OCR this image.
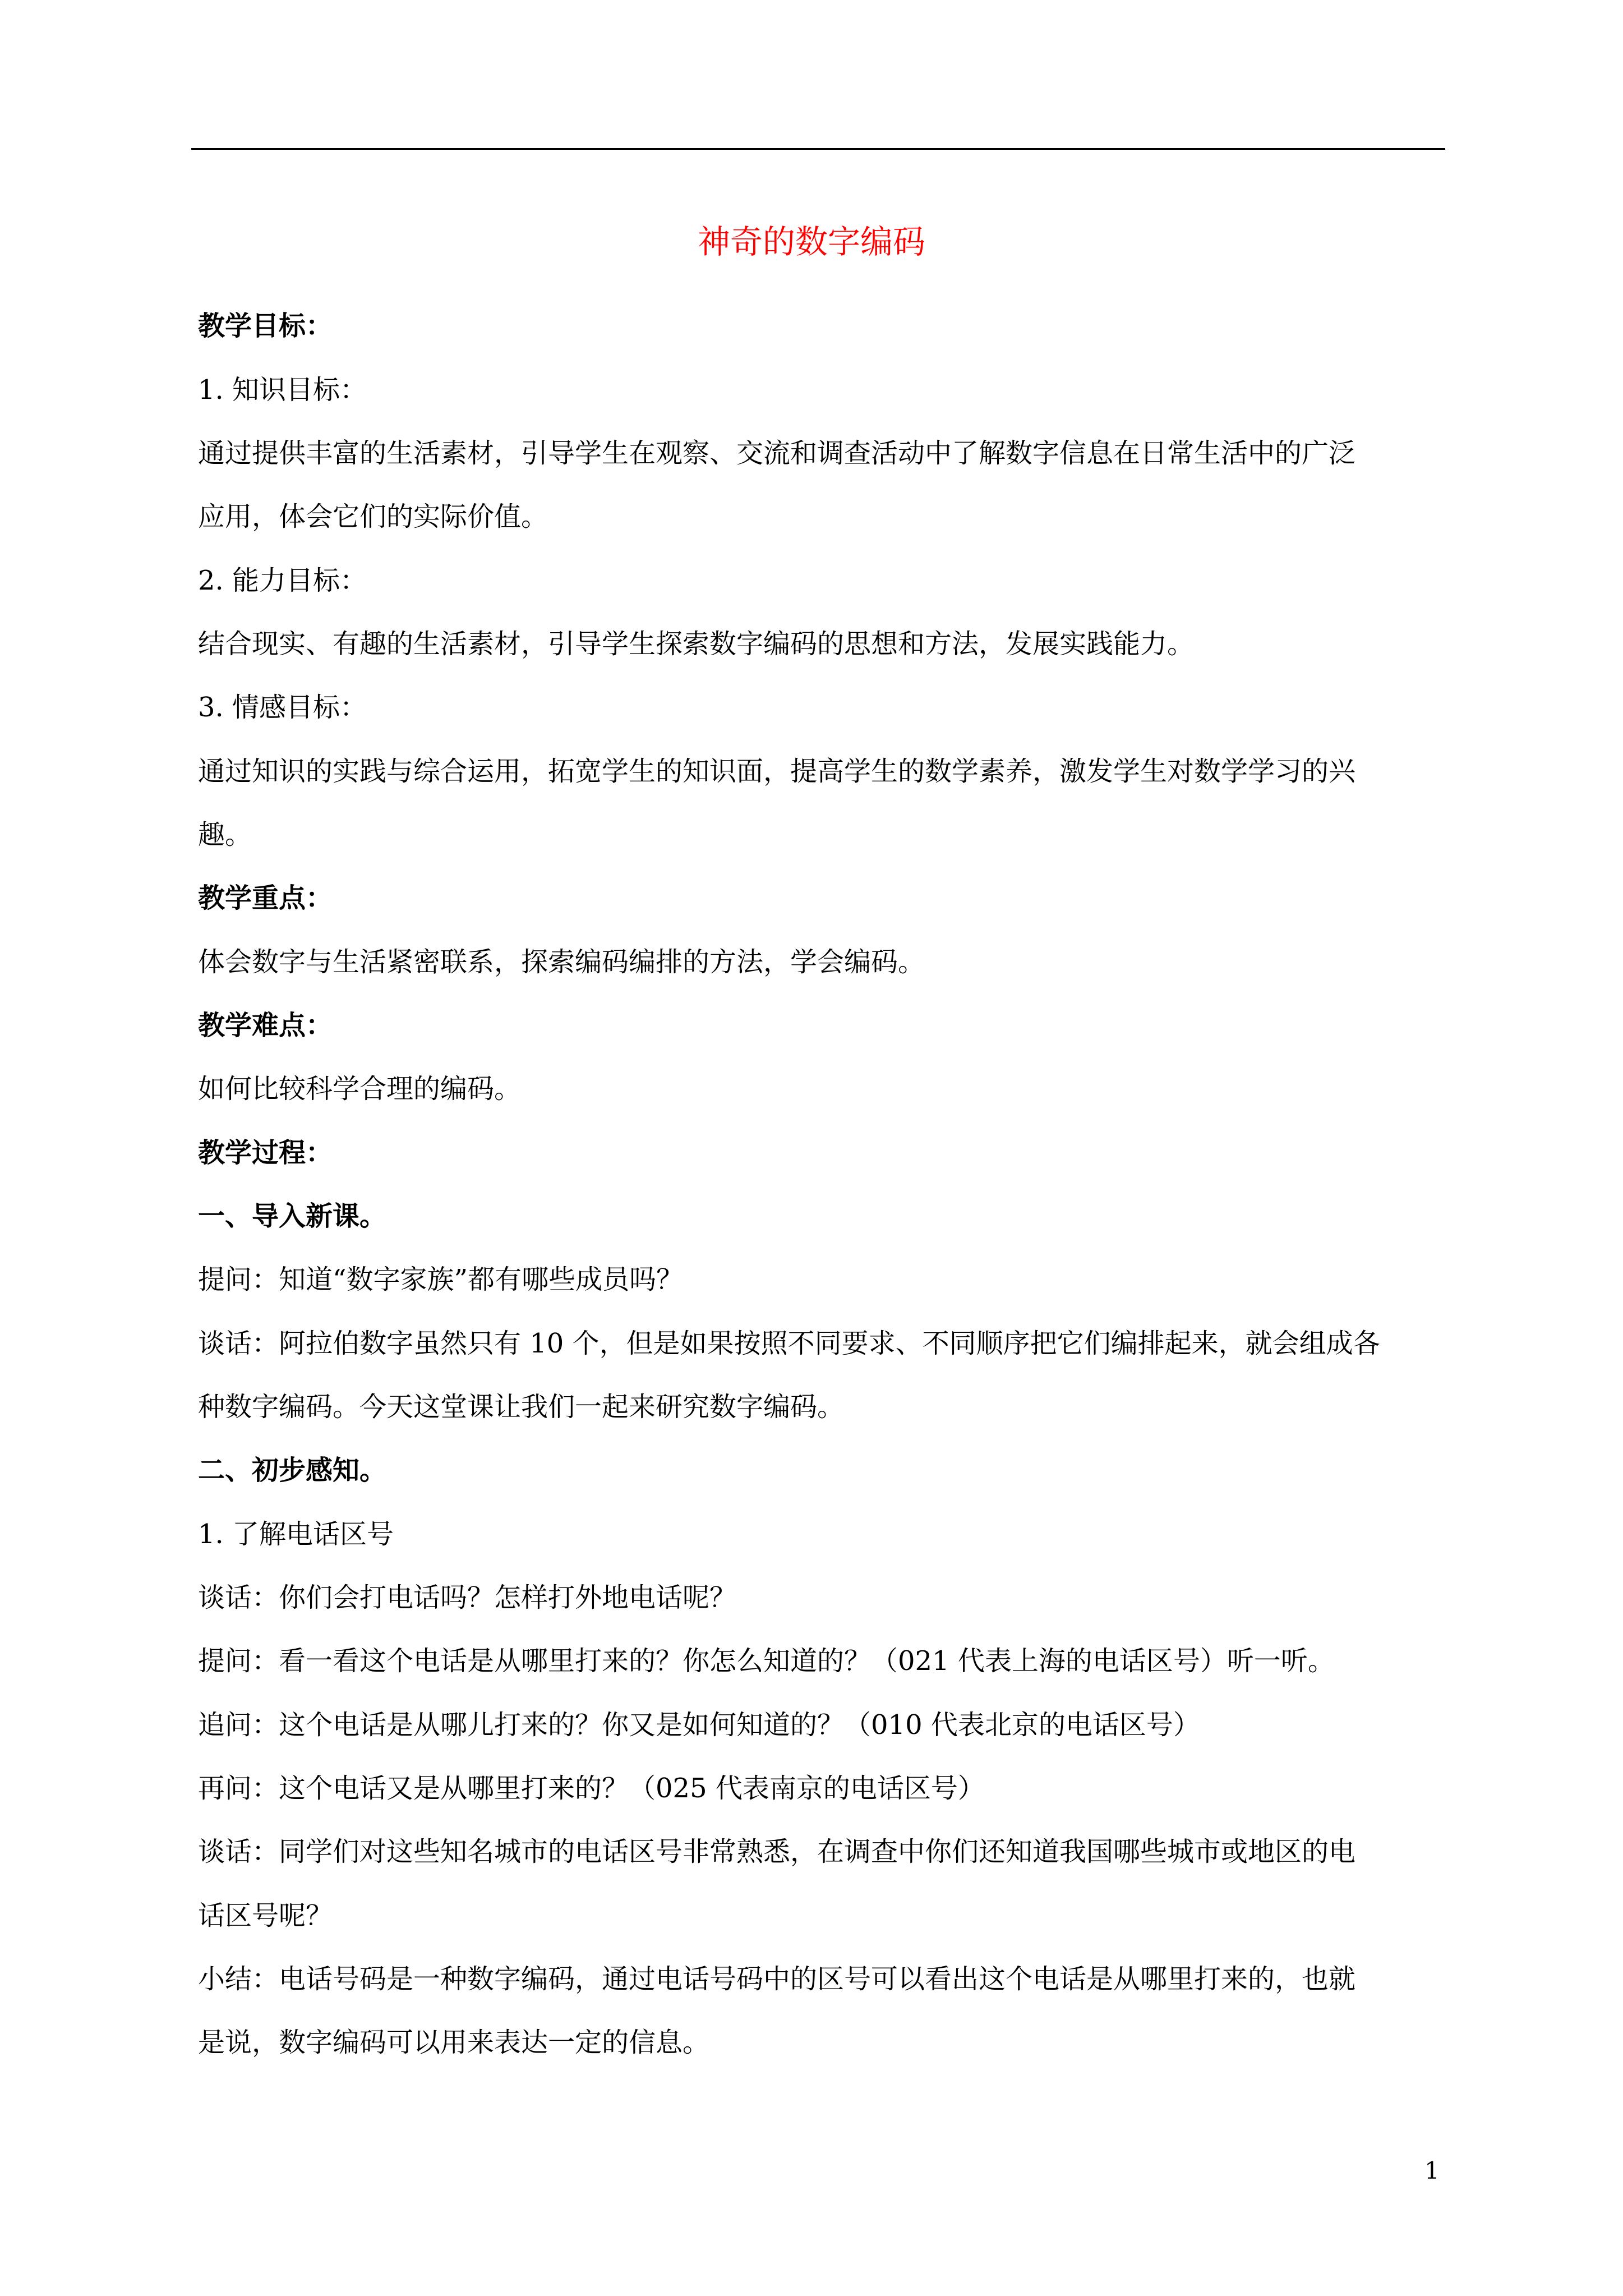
神奇的数字编码
教学目标：
1. 知识目标：
通过提供丰富的生活素材，引导学生在观察、交流和调查活动中了解数字信息在日常生活中的广泛
应用，体会它们的实际价值。
2. 能力目标：
结合现实、有趣的生活素材，引导学生探索数字编码的思想和方法，发展实践能力。
3. 情感目标：
通过知识的实践与综合运用，拓宽学生的知识面，提高学生的数学素养，激发学生对数学学习的兴
趣。
教学重点：
体会数字与生活紧密联系，探索编码编排的方法，学会编码。
教学难点：
如何比较科学合理的编码。
教学过程：
一、导入新课。
提问：知道“数字家族”都有哪些成员吗？
谈话：阿拉伯数字虽然只有 10 个，但是如果按照不同要求、不同顺序把它们编排起来，就会组成各
种数字编码。今天这堂课让我们一起来研究数字编码。
二、初步感知。
1. 了解电话区号
谈话：你们会打电话吗？怎样打外地电话呢？
提问：看一看这个电话是从哪里打来的？你怎么知道的？（021 代表上海的电话区号）听一听。
追问：这个电话是从哪儿打来的？你又是如何知道的？（010 代表北京的电话区号）
再问：这个电话又是从哪里打来的？（025 代表南京的电话区号）
谈话：同学们对这些知名城市的电话区号非常熟悉，在调查中你们还知道我国哪些城市或地区的电
话区号呢？
小结：电话号码是一种数字编码，通过电话号码中的区号可以看出这个电话是从哪里打来的，也就
是说，数字编码可以用来表达一定的信息。
1
